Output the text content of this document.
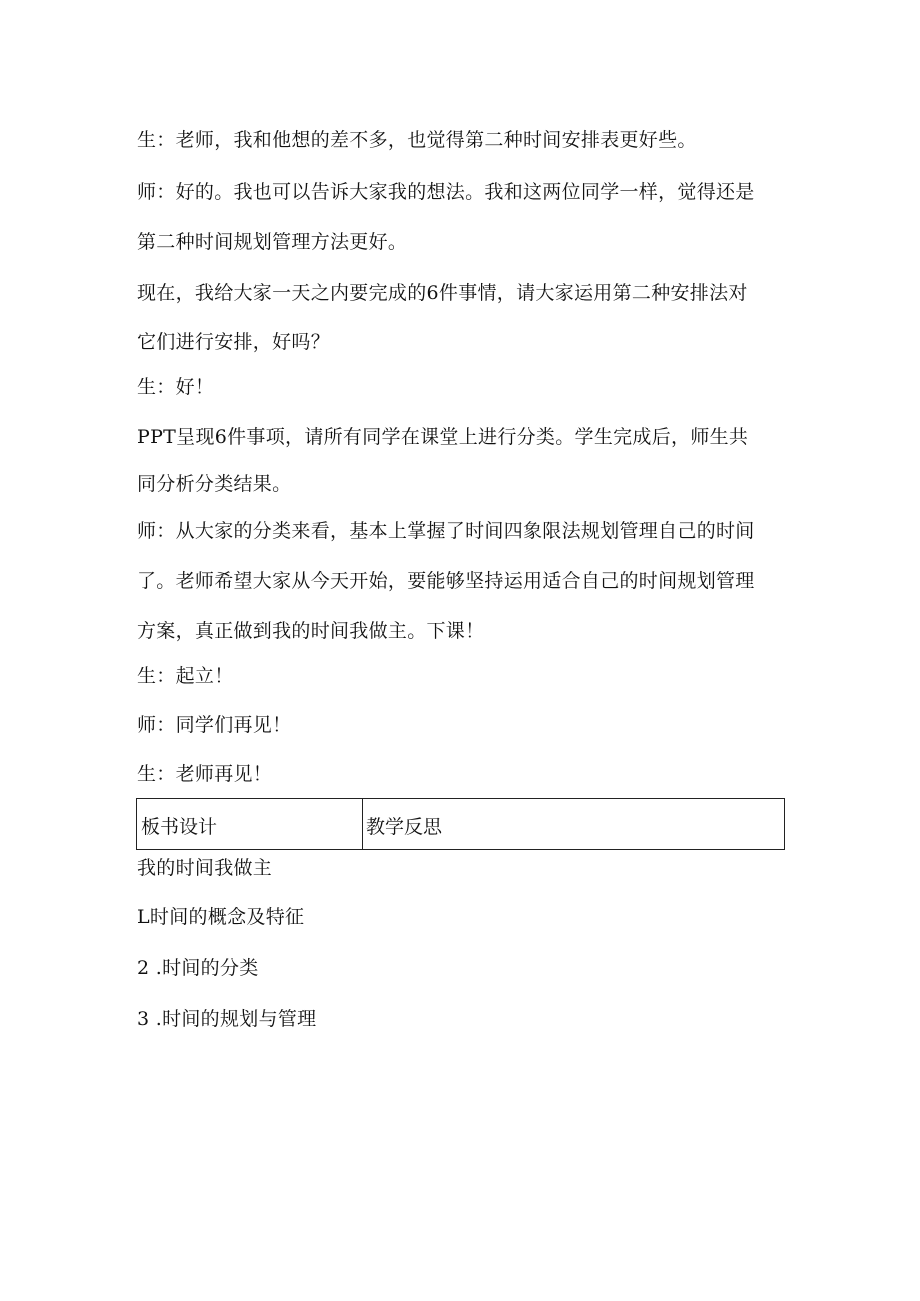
生：老师，我和他想的差不多，也觉得第二种时间安排表更好些。
师：好的。我也可以告诉大家我的想法。我和这两位同学一样，觉得还是
第二种时间规划管理方法更好。
现在，我给大家一天之内要完成的6件事情，请大家运用第二种安排法对
它们进行安排，好吗？
生：好！
PPT呈现6件事项，请所有同学在课堂上进行分类。学生完成后，师生共
同分析分类结果。
师：从大家的分类来看，基本上掌握了时间四象限法规划管理自己的时间
了。老师希望大家从今天开始，要能够坚持运用适合自己的时间规划管理
方案，真正做到我的时间我做主。下课！
生：起立！
师：同学们再见！
生：老师再见！
板书设计	教学反思
我的时间我做主
L时间的概念及特征
2 .时间的分类
3 .时间的规划与管理
